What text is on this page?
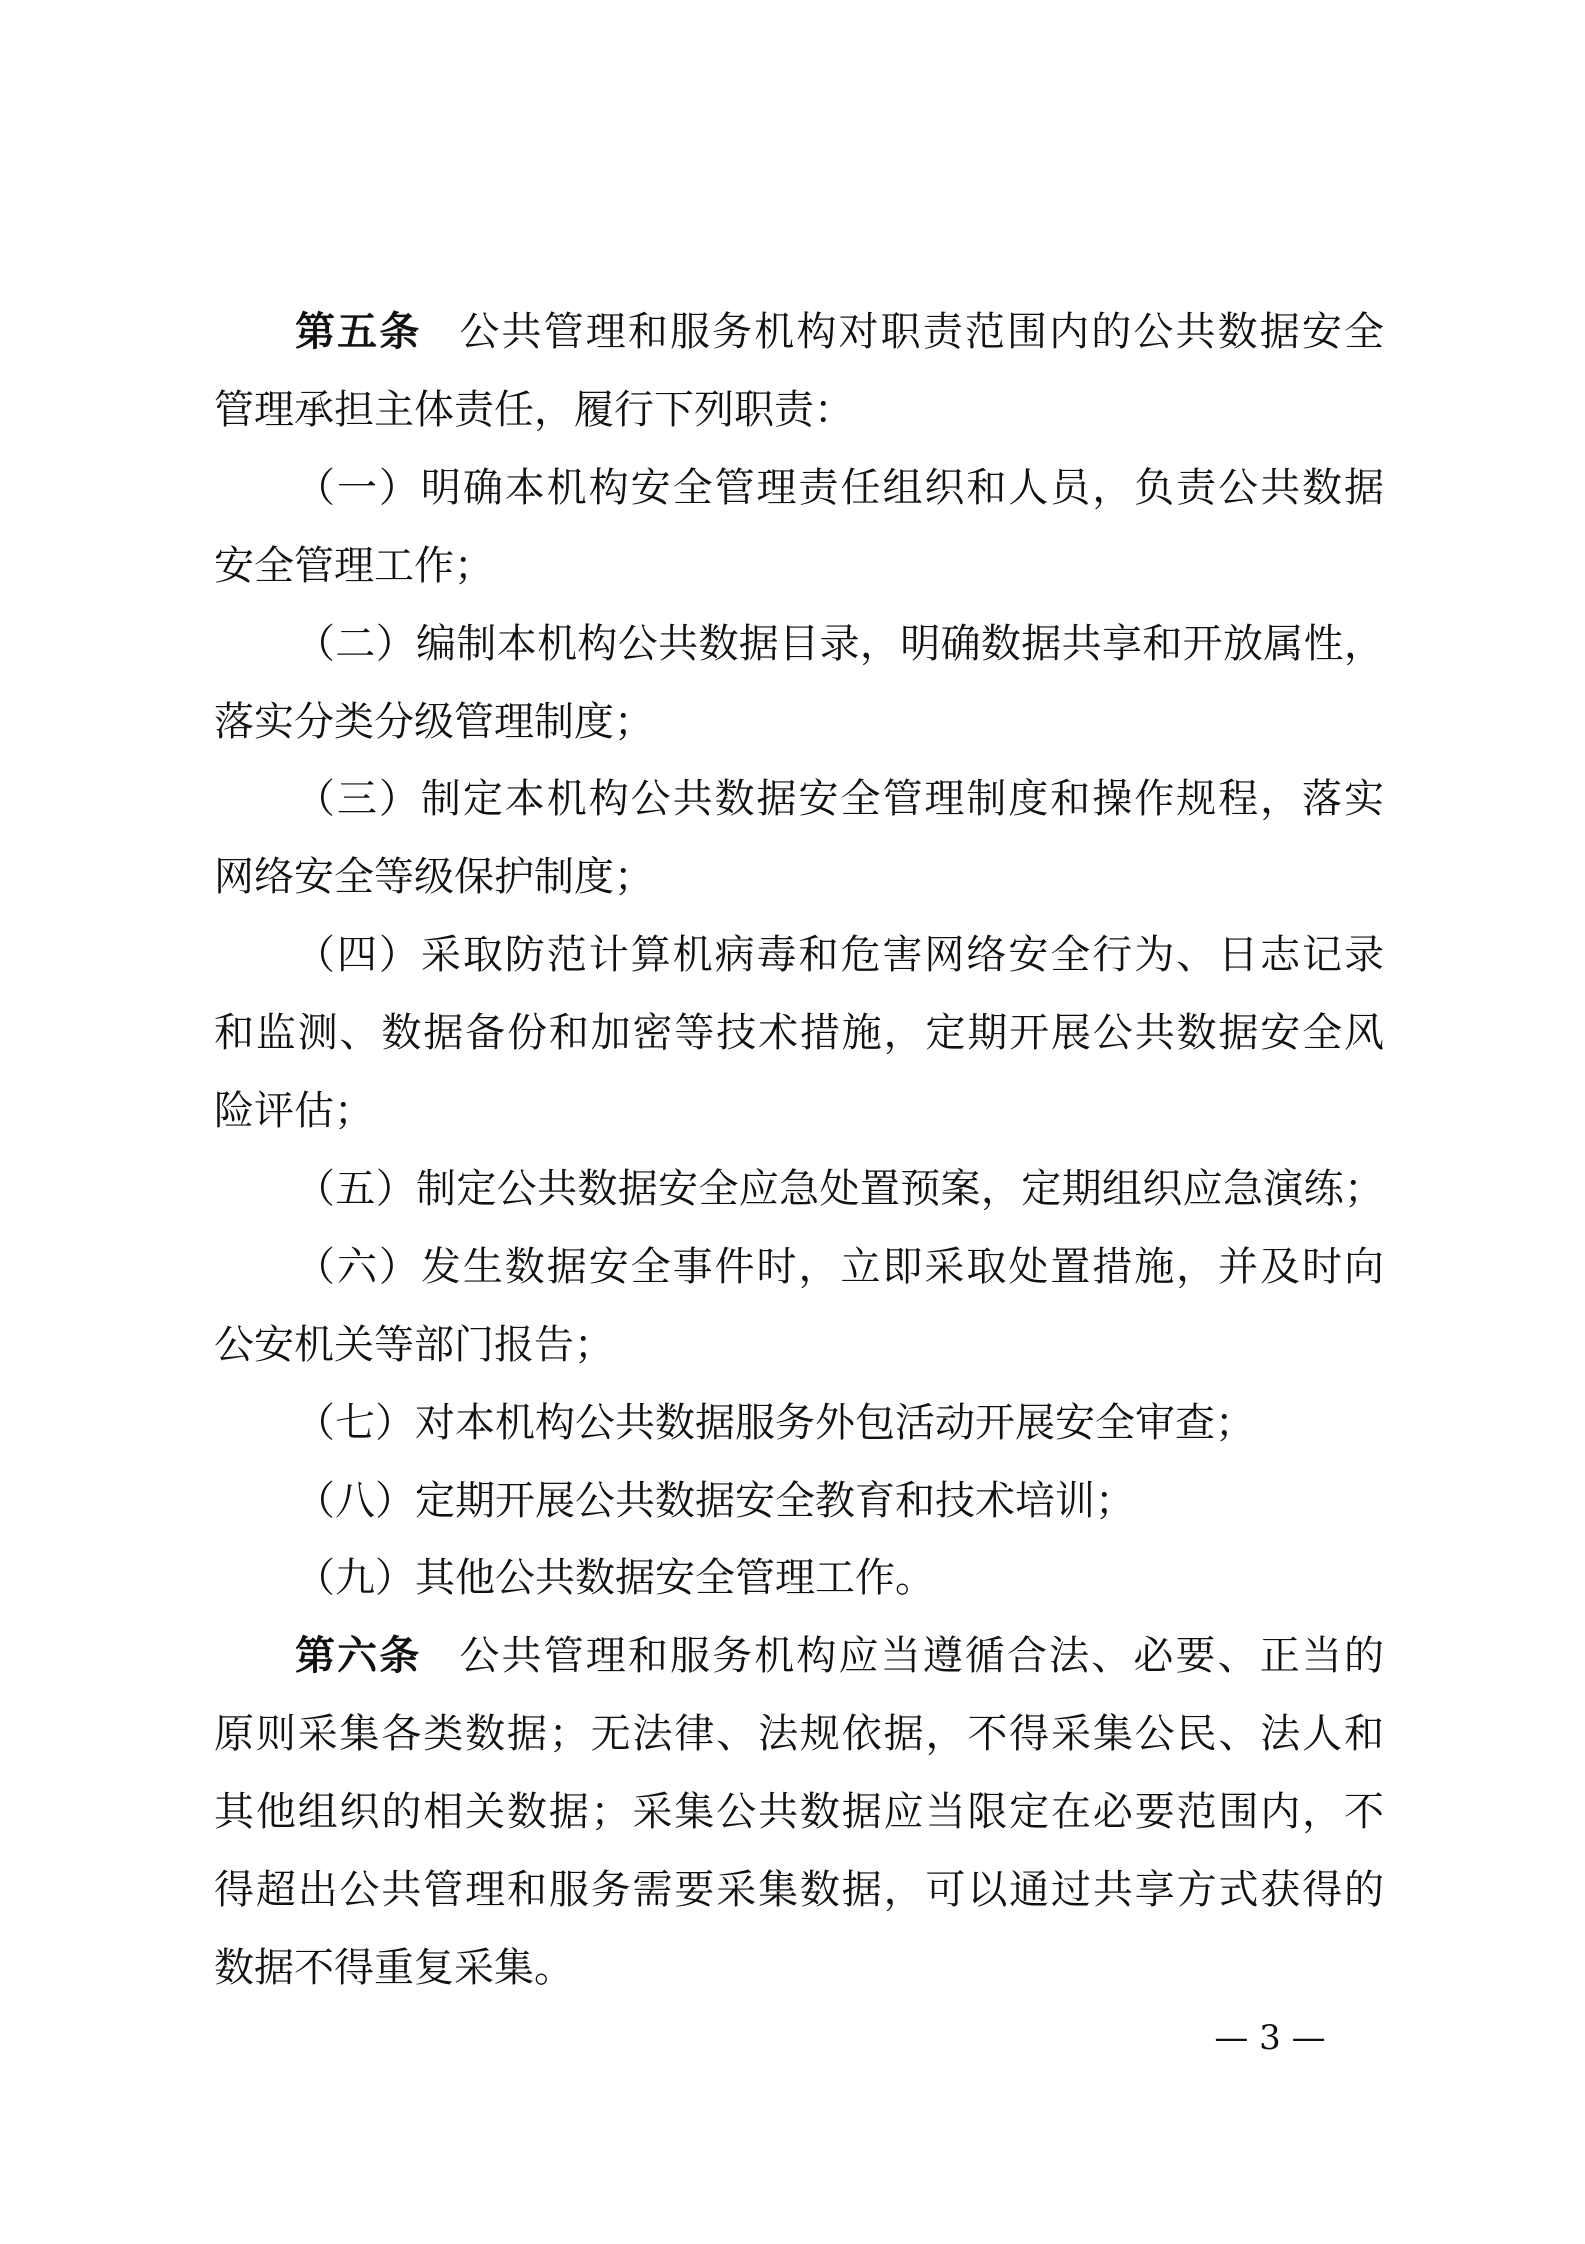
第五条 公共管理和服务机构对职责范围内的公共数据安全
管理承担主体责任，履行下列职责：
（一）明确本机构安全管理责任组织和人员，负责公共数据
安全管理工作；
（二）编制本机构公共数据目录，明确数据共享和开放属性，
落实分类分级管理制度；
（三）制定本机构公共数据安全管理制度和操作规程，落实
网络安全等级保护制度；
（四）采取防范计算机病毒和危害网络安全行为、日志记录
和监测、数据备份和加密等技术措施，定期开展公共数据安全风
险评估；
（五）制定公共数据安全应急处置预案，定期组织应急演练；
（六）发生数据安全事件时，立即采取处置措施，并及时向
公安机关等部门报告；
（七）对本机构公共数据服务外包活动开展安全审查；
（八）定期开展公共数据安全教育和技术培训；
（九）其他公共数据安全管理工作。
第六条 公共管理和服务机构应当遵循合法、必要、正当的
原则采集各类数据；无法律、法规依据，不得采集公民、法人和
其他组织的相关数据；采集公共数据应当限定在必要范围内，不
得超出公共管理和服务需要采集数据，可以通过共享方式获得的
数据不得重复采集。
— 3 —
